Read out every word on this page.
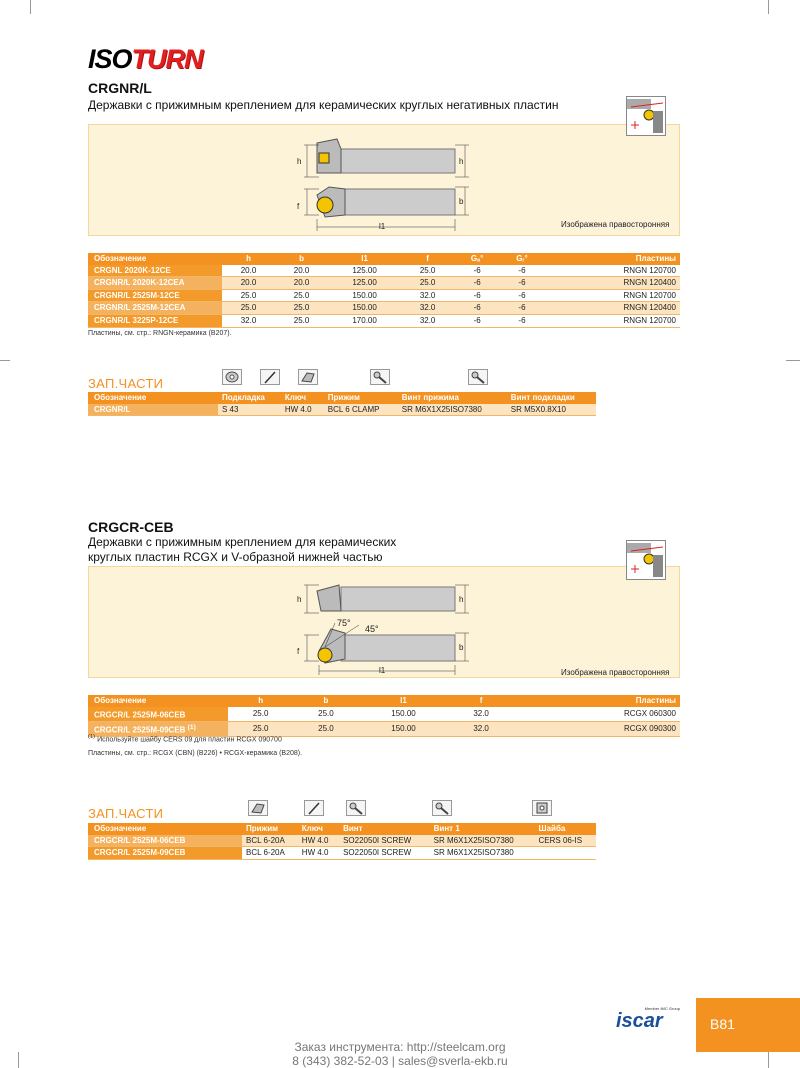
ISOTURN
CRGNR/L
Державки с прижимным креплением для керамических круглых негативных пластин
h	h
f
b
l1	Изображена правосторонняя
Обозначение	h	b	l1	f	Gₐ°	Gᵣ°	Пластины
CRGNL 2020K-12CE	20.0	20.0	125.00	25.0	-6	-6	RNGN 120700
CRGNR/L 2020K-12CEA	20.0	20.0	125.00	25.0	-6	-6	RNGN 120400
CRGNR/L 2525M-12CE	25.0	25.0	150.00	32.0	-6	-6	RNGN 120700
CRGNR/L 2525M-12CEA	25.0	25.0	150.00	32.0	-6	-6	RNGN 120400
CRGNR/L 3225P-12CE	32.0	25.0	170.00	32.0	-6	-6	RNGN 120700
Пластины, см. стр.: RNGN-керамика (B207).
ЗАП.ЧАСТИ
Обозначение	Подкладка	Ключ	Прижим	Винт прижима	Винт подкладки
CRGNR/L	S 43	HW 4.0	BCL 6 CLAMP	SR M6X1X25ISO7380	SR M5X0.8X10
CRGCR-CEB
Державки с прижимным креплением для керамических
круглых пластин RCGX и V-образной нижней частью
h	h
f	b
l1
75°
45°
Изображена правосторонняя
Обозначение	h	b	l1	f	Пластины
CRGCR/L 2525M-06CEB	25.0	25.0	150.00	32.0	RCGX 060300
CRGCR/L 2525M-09CEB $^{(1)}$	25.0	25.0	150.00	32.0	RCGX 090300
$^{(1)}$ Используйте шайбу CERS 09 для пластин RCGX 090700
Пластины, см. стр.: RCGX (CBN) (B226) • RCGX-керамика (B208).
ЗАП.ЧАСТИ
Обозначение	Прижим	Ключ	Винт	Винт 1	Шайба
CRGCR/L 2525M-06CEB	BCL 6-20A	HW 4.0	SO22050I SCREW	SR M6X1X25ISO7380	CERS 06-IS
CRGCR/L 2525M-09CEB	BCL 6-20A	HW 4.0	SO22050I SCREW	SR M6X1X25ISO7380	
Member IMC Group
iscar	B81
Заказ инструмента: http://steelcam.org
8 (343) 382-52-03 | sales@sverla-ekb.ru
